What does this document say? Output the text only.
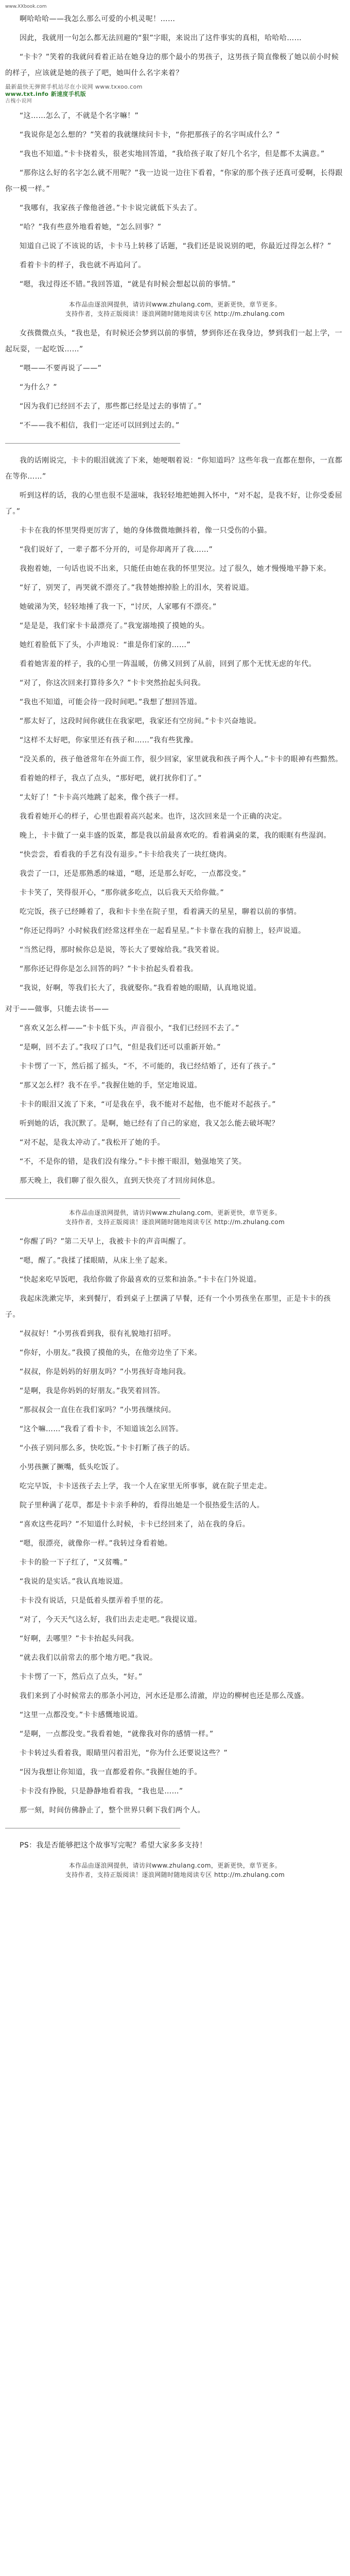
www.XXbook.com

啊哈哈哈——我怎么那么可爱的小机灵呢！……

因此，我就用一句怎么都无法回避的“狠”字眼，来说出了这件事实的真相，哈哈哈……

“卡卡？”笑着的我就问看着正站在她身边的那个最小的男孩子，这男孩子简直像极了她以前小时候的样子，应该就是她的孩子了吧，她叫什么名字来着？

最新最快无弹窗手机站尽在小说网 www.txxoo.com
www.txt.info 新速度手机版
古槐小说网

“这……怎么了，不就是个名字嘛！”

“我说你是怎么想的？”笑着的我就继续问卡卡，“你把那孩子的名字叫成什么？”

“我也不知道。”卡卡挠着头，很老实地回答道，“我给孩子取了好几个名字，但是都不太满意。”

“那你这么好的名字怎么就不用呢？”我一边说一边往下看着，“你家的那个孩子还真可爱啊，长得跟你一模一样。”

“我哪有，我家孩子像他爸爸。”卡卡说完就低下头去了。

“哈？”我有些意外地看着她，“怎么回事？”

知道自己说了不该说的话，卡卡马上转移了话题，“我们还是说说别的吧，你最近过得怎么样？”

看着卡卡的样子，我也就不再追问了。

“嗯，我过得还不错。”我回答道，“就是有时候会想起以前的事情。”

本作品由逐浪网提供，请访问www.zhulang.com，更新更快，章节更多。
支持作者，支持正版阅读！逐浪网随时随地阅读专区 http://m.zhulang.com

女孩微微点头，“我也是，有时候还会梦到以前的事情，梦到你还在我身边，梦到我们一起上学，一起玩耍，一起吃饭……”

“喂——不要再说了——”

“为什么？”

“因为我们已经回不去了，那些都已经是过去的事情了。”

“不——我不相信，我们一定还可以回到过去的。”

我的话刚说完，卡卡的眼泪就流了下来，她哽咽着说：“你知道吗？这些年我一直都在想你，一直都在等你……”

听到这样的话，我的心里也很不是滋味，我轻轻地把她拥入怀中，“对不起，是我不好，让你受委屈了。”

卡卡在我的怀里哭得更厉害了，她的身体微微地颤抖着，像一只受伤的小猫。

“我们说好了，一辈子都不分开的，可是你却离开了我……”

我抱着她，一句话也说不出来，只能任由她在我的怀里哭泣。过了很久，她才慢慢地平静下来。

“好了，别哭了，再哭就不漂亮了。”我替她擦掉脸上的泪水，笑着说道。

她破涕为笑，轻轻地捶了我一下，“讨厌，人家哪有不漂亮。”

“是是是，我们家卡卡最漂亮了。”我宠溺地摸了摸她的头。

她红着脸低下了头，小声地说：“谁是你们家的……”

看着她害羞的样子，我的心里一阵温暖，仿佛又回到了从前，回到了那个无忧无虑的年代。

“对了，你这次回来打算待多久？”卡卡突然抬起头问我。

“我也不知道，可能会待一段时间吧。”我想了想回答道。

“那太好了，这段时间你就住在我家吧，我家还有空房间。”卡卡兴奋地说。

“这样不太好吧，你家里还有孩子和……”我有些犹豫。

“没关系的，孩子他爸常年在外面工作，很少回家，家里就我和孩子两个人。”卡卡的眼神有些黯然。

看着她的样子，我点了点头，“那好吧，就打扰你们了。”

“太好了！”卡卡高兴地跳了起来，像个孩子一样。

我看着她开心的样子，心里也跟着高兴起来。也许，这次回来是一个正确的决定。

晚上，卡卡做了一桌丰盛的饭菜，都是我以前最喜欢吃的。看着满桌的菜，我的眼眶有些湿润。

“快尝尝，看看我的手艺有没有退步。”卡卡给我夹了一块红烧肉。

我尝了一口，还是那熟悉的味道，“嗯，还是那么好吃，一点都没变。”

卡卡笑了，笑得很开心，“那你就多吃点，以后我天天给你做。”

吃完饭，孩子已经睡着了，我和卡卡坐在院子里，看着满天的星星，聊着以前的事情。

“你还记得吗？小时候我们经常这样坐在一起看星星。”卡卡靠在我的肩膀上，轻声说道。

“当然记得，那时候你总是说，等长大了要嫁给我。”我笑着说。

“那你还记得你是怎么回答的吗？”卡卡抬起头看着我。

“我说，好啊，等我们长大了，我就娶你。”我看着她的眼睛，认真地说道。

对于——做事，只能去读书——

“喜欢又怎么样——”卡卡低下头，声音很小，“我们已经回不去了。”

“是啊，回不去了。”我叹了口气，“但是我们还可以重新开始。”

卡卡愣了一下，然后摇了摇头，“不，不可能的，我已经结婚了，还有了孩子。”

“那又怎么样？我不在乎。”我握住她的手，坚定地说道。

卡卡的眼泪又流了下来，“可是我在乎，我不能对不起他，也不能对不起孩子。”

听到她的话，我沉默了。是啊，她已经有了自己的家庭，我又怎么能去破坏呢？

“对不起，是我太冲动了。”我松开了她的手。

“不，不是你的错，是我们没有缘分。”卡卡擦干眼泪，勉强地笑了笑。

那天晚上，我们聊了很久很久，直到天快亮了才回房间休息。

本作品由逐浪网提供，请访问www.zhulang.com，更新更快，章节更多。
支持作者，支持正版阅读！逐浪网随时随地阅读专区 http://m.zhulang.com

“你醒了吗？”第二天早上，我被卡卡的声音叫醒了。

“嗯，醒了。”我揉了揉眼睛，从床上坐了起来。

“快起来吃早饭吧，我给你做了你最喜欢的豆浆和油条。”卡卡在门外说道。

我起床洗漱完毕，来到餐厅，看到桌子上摆满了早餐，还有一个小男孩坐在那里，正是卡卡的孩子。

“叔叔好！”小男孩看到我，很有礼貌地打招呼。

“你好，小朋友。”我摸了摸他的头，在他旁边坐了下来。

“叔叔，你是妈妈的好朋友吗？”小男孩好奇地问我。

“是啊，我是你妈妈的好朋友。”我笑着回答。

“那叔叔会一直住在我们家吗？”小男孩继续问。

“这个嘛……”我看了看卡卡，不知道该怎么回答。

“小孩子别问那么多，快吃饭。”卡卡打断了孩子的话。

小男孩撅了撅嘴，低头吃饭了。

吃完早饭，卡卡送孩子去上学，我一个人在家里无所事事，就在院子里走走。

院子里种满了花草，都是卡卡亲手种的，看得出她是一个很热爱生活的人。

“喜欢这些花吗？”不知道什么时候，卡卡已经回来了，站在我的身后。

“嗯，很漂亮，就像你一样。”我转过身看着她。

卡卡的脸一下子红了，“又贫嘴。”

“我说的是实话。”我认真地说道。

卡卡没有说话，只是低着头摆弄着手里的花。

“对了，今天天气这么好，我们出去走走吧。”我提议道。

“好啊，去哪里？”卡卡抬起头问我。

“就去我们以前常去的那个地方吧。”我说。

卡卡愣了一下，然后点了点头，“好。”

我们来到了小时候常去的那条小河边，河水还是那么清澈，岸边的柳树也还是那么茂盛。

“这里一点都没变。”卡卡感慨地说道。

“是啊，一点都没变。”我看着她，“就像我对你的感情一样。”

卡卡转过头看着我，眼睛里闪着泪光，“你为什么还要说这些？”

“因为我想让你知道，我一直都爱着你。”我握住她的手。

卡卡没有挣脱，只是静静地看着我，“我也是……”

那一刻，时间仿佛静止了，整个世界只剩下我们两个人。

PS：我是否能够把这个故事写完呢？希望大家多多支持！

本作品由逐浪网提供，请访问www.zhulang.com，更新更快，章节更多。
支持作者，支持正版阅读！逐浪网随时随地阅读专区 http://m.zhulang.com
